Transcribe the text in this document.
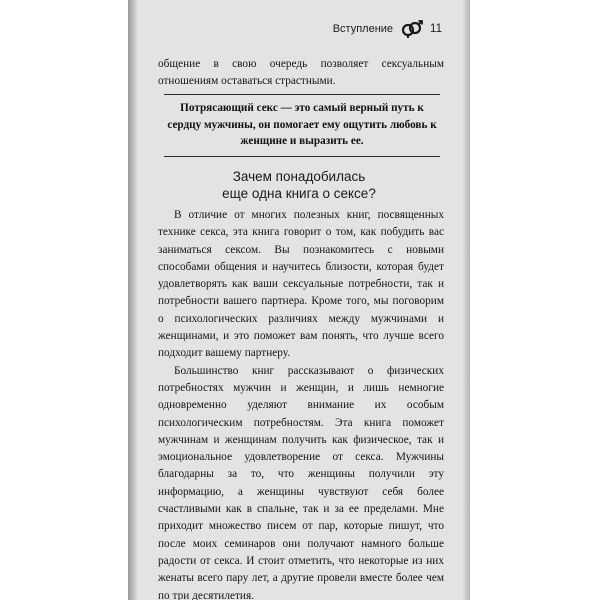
Вступление	11

общение в свою очередь позволяет сексуальным отношениям оставаться страстными.

Потрясающий секс — это самый верный путь к сердцу мужчины, он помогает ему ощутить любовь к женщине и выразить ее.
Зачем понадобилась
еще одна книга о сексе?

В отличие от многих полезных книг, посвященных технике секса, эта книга говорит о том, как побудить вас заниматься сексом. Вы познакомитесь с новыми способами общения и научитесь близости, которая будет удовлетворять как ваши сексуальные потребности, так и потребности вашего партнера. Кроме того, мы поговорим о психологических различиях между мужчинами и женщинами, и это поможет вам понять, что лучше всего подходит вашему партнеру.

Большинство книг рассказывают о физических потребностях мужчин и женщин, и лишь немногие одновременно уделяют внимание их особым психологическим потребностям. Эта книга поможет мужчинам и женщинам получить как физическое, так и эмоциональное удовлетворение от секса. Мужчины благодарны за то, что женщины получили эту информацию, а женщины чувствуют себя более счастливыми как в спальне, так и за ее пределами. Мне приходит множество писем от пар, которые пишут, что после моих семинаров они получают намного больше радости от секса. И стоит отметить, что некоторые из них женаты всего пару лет, а другие провели вместе более чем по три десятилетия.
